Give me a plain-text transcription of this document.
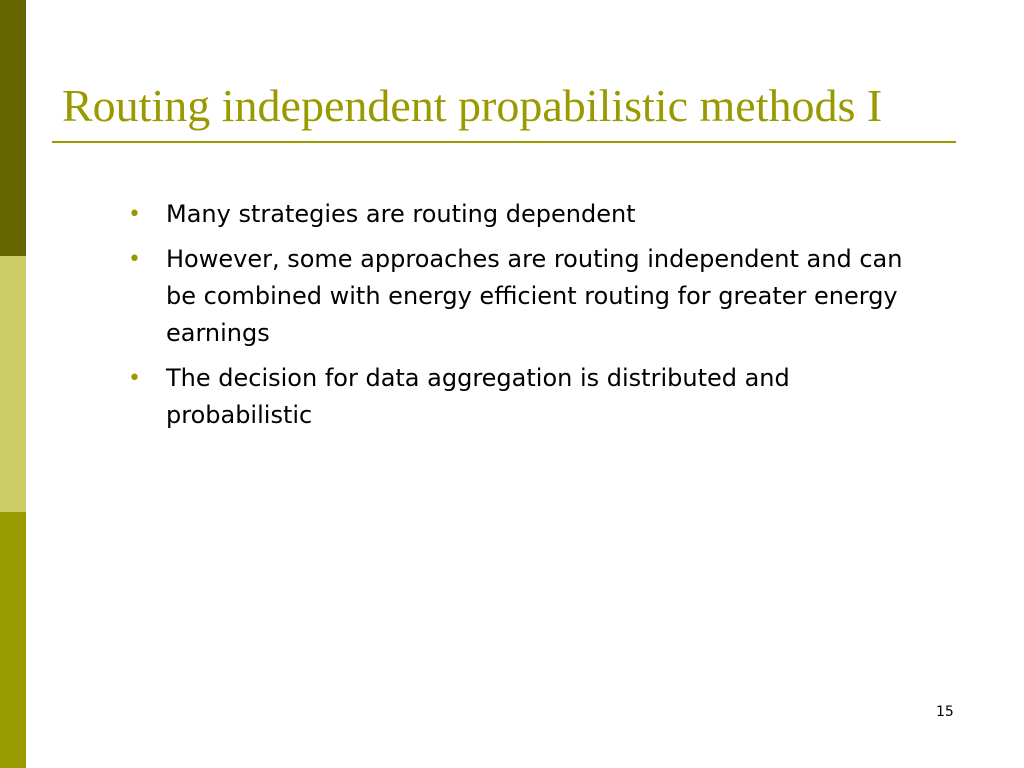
Routing independent propabilistic methods I
• Many strategies are routing dependent
• However, some approaches are routing independent and can be combined with energy efficient routing for greater energy earnings
• The decision for data aggregation is distributed and probabilistic
15
